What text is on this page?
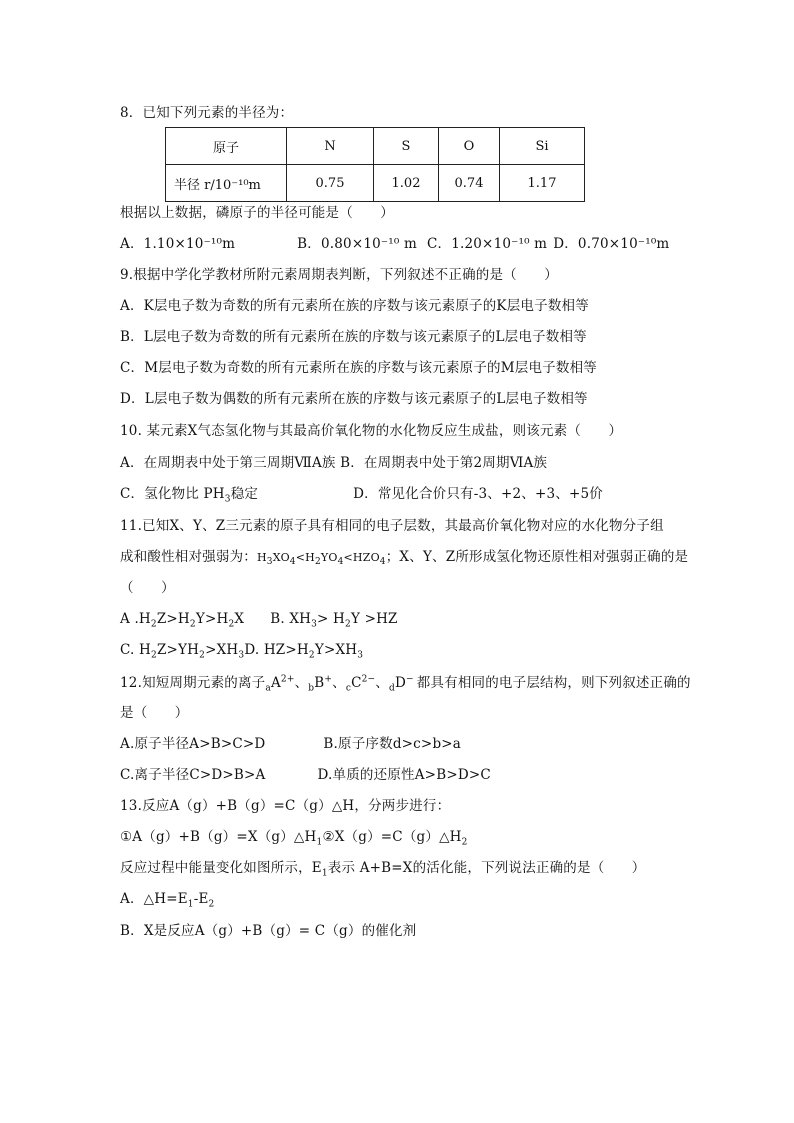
8．已知下列元素的半径为：
原子	N	S	O	Si
半径 r/10⁻¹⁰m	0.75	1.02	0.74	1.17
根据以上数据，磷原子的半径可能是（　　）
A．1.10×10⁻¹⁰m	B．0.80×10⁻¹⁰ m C．1.20×10⁻¹⁰ m D．0.70×10⁻¹⁰m
9.根据中学化学教材所附元素周期表判断，下列叙述不正确的是（　　）
A．K层电子数为奇数的所有元素所在族的序数与该元素原子的K层电子数相等
B．L层电子数为奇数的所有元素所在族的序数与该元素原子的L层电子数相等
C．M层电子数为奇数的所有元素所在族的序数与该元素原子的M层电子数相等
D．L层电子数为偶数的所有元素所在族的序数与该元素原子的L层电子数相等
10. 某元素X气态氢化物与其最高价氧化物的水化物反应生成盐，则该元素（　　）
A．在周期表中处于第三周期ⅦA族 B．在周期表中处于第2周期ⅥA族
C．氢化物比 $PH_3$稳定	D．常见化合价只有-3、+2、+3、+5价
11.已知X、Y、Z三元素的原子具有相同的电子层数，其最高价氧化物对应的水化物分子组
成和酸性相对强弱为：$H_3XO_4<H_2YO_4<HZO_4$；X、Y、Z所形成氢化物还原性相对强弱正确的是
（　　）
A $.H_2Z>H_2Y>H_2X$ B. $XH_3> H_2Y >HZ$
C. $H_2Z>YH_2>XH_3D$. $HZ>H_2Y>XH_3$
12.知短周期元素的离子$_aA^{2+}$、$_b$B+、$_cC^{2-}$、$_d$D− 都具有相同的电子层结构，则下列叙述正确的
是（　　）
A.原子半径A>B>C>D	B.原子序数d>c>b>a
C.离子半径C>D>B>A	D.单质的还原性A>B>D>C
13.反应A（g）+B（g）=C（g）△H，分两步进行：
$①A(g)+B(g)=X(g)\triangle H_1②X(g)=C(g)\triangle H_2$
反应过程中能量变化如图所示，$E_1$表示 A+B=X的活化能，下列说法正确的是（　　）
A．$\triangle H=E_1-E_2$
B．X是反应A（g）+B（g）= C（g）的催化剂
